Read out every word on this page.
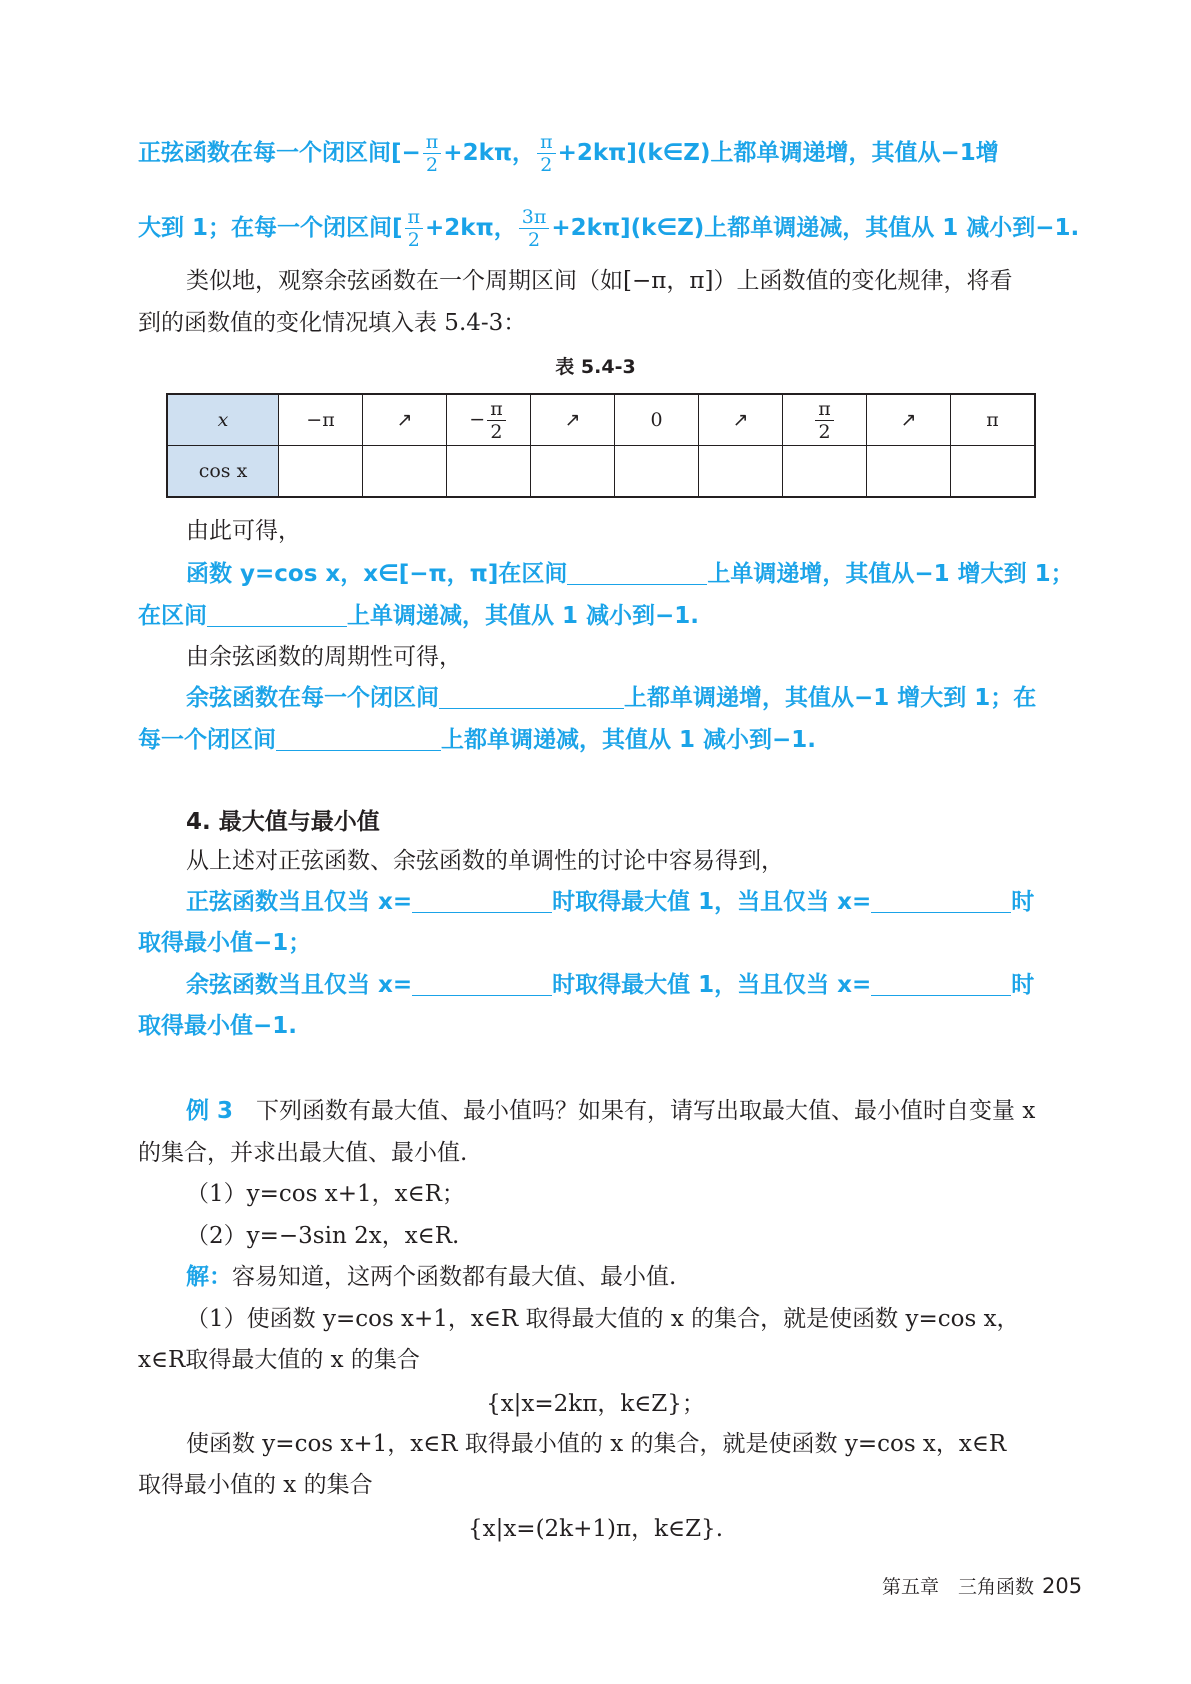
正弦函数在每一个闭区间[− $\frac{\pi}{2} +2k\pi$， $\frac{\pi}{2}$ +2kπ](k∈Z)上都单调递增，其值从−1增
大到 1；在每一个闭区间[ $\frac{\pi}{2} +2k\pi$， $\frac{3\pi}{2}$ +2kπ](k∈Z)上都单调递减，其值从 1 减小到−1.
类似地，观察余弦函数在一个周期区间（如[−π，π]）上函数值的变化规律，将看
到的函数值的变化情况填入表 5.4-3：
表 5.4-3
x	−π	↗	− $\frac{\pi}{2}$	↗	0	↗	$\frac{\pi}{2}$	↗	π
cos x									
由此可得，
函数 y=cos x，x∈[−π，π]在区间	上单调递增，其值从−1 增大到 1；
在区间	上单调递减，其值从 1 减小到−1.
由余弦函数的周期性可得，
余弦函数在每一个闭区间	上都单调递增，其值从−1 增大到 1；在
每一个闭区间	上都单调递减，其值从 1 减小到−1.
4. 最大值与最小值
从上述对正弦函数、余弦函数的单调性的讨论中容易得到，
正弦函数当且仅当 x=	时取得最大值 1，当且仅当 x=	时
取得最小值−1；
余弦函数当且仅当 x=	时取得最大值 1，当且仅当 x=	时
取得最小值−1.
例 3　 下列函数有最大值、最小值吗？如果有，请写出取最大值、最小值时自变量 x
的集合，并求出最大值、最小值.
（1）y=cos x+1，x∈R；
（2）y=−3sin 2x，x∈R.
解：容易知道，这两个函数都有最大值、最小值.
（1）使函数 y=cos x+1，x∈R 取得最大值的 x 的集合，就是使函数 y=cos x，
x∈R取得最大值的 x 的集合
{x|x=2kπ，k∈Z}；
使函数 y=cos x+1，x∈R 取得最小值的 x 的集合，就是使函数 y=cos x，x∈R
取得最小值的 x 的集合
{x|x=(2k+1)π，k∈Z}.
第五章　三角函数 205
